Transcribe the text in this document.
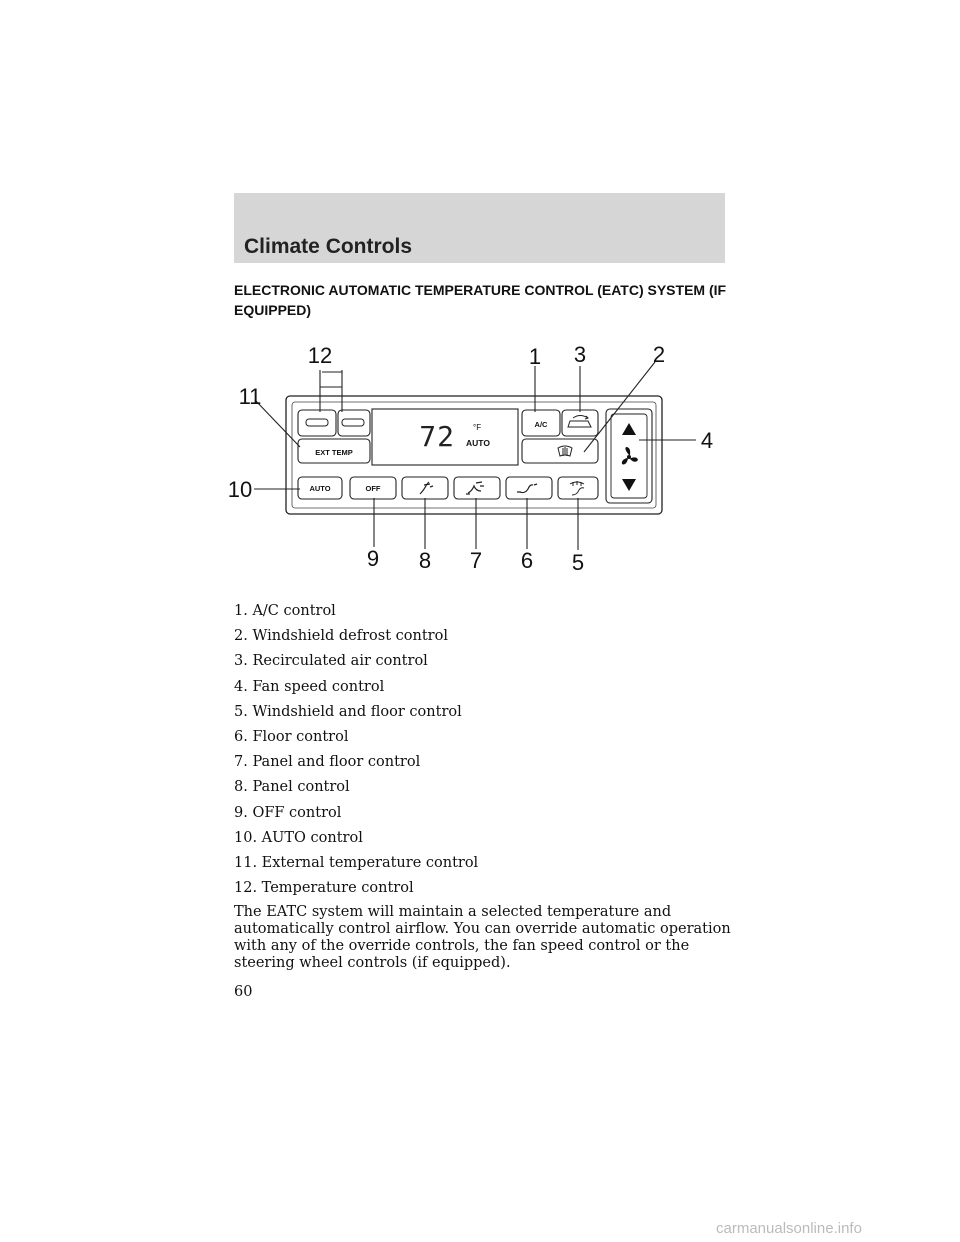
Climate Controls
ELECTRONIC AUTOMATIC TEMPERATURE CONTROL (EATC) SYSTEM (IF EQUIPPED)
EXT TEMP 72 °F
AUTO
A/C
AUTO	OFF
1	2
3
4
5
6
7
8
9
10
11
12
1. A/C control
2. Windshield defrost control
3. Recirculated air control
4. Fan speed control
5. Windshield and floor control
6. Floor control
7. Panel and floor control
8. Panel control
9. OFF control
10. AUTO control
11. External temperature control
12. Temperature control

The EATC system will maintain a selected temperature and automatically control airflow. You can override automatic operation with any of the override controls, the fan speed control or the steering wheel controls (if equipped).

60

carmanualsonline.info
